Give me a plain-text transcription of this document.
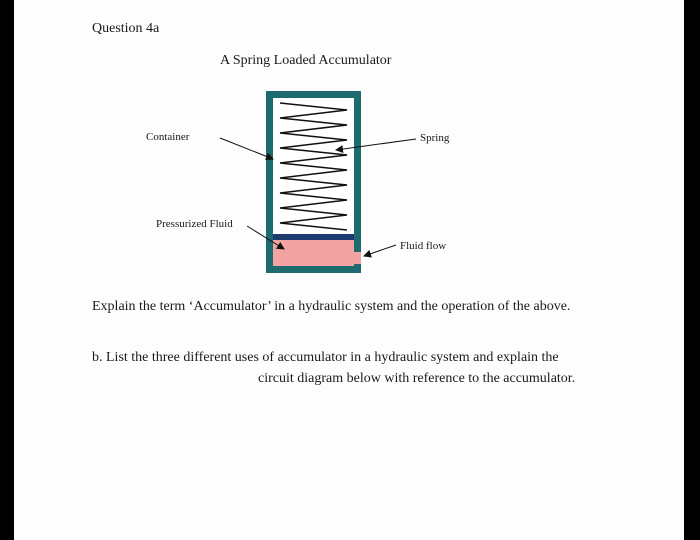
Question 4a
A Spring Loaded Accumulator
Container	Spring
Pressurized Fluid
Fluid flow
Explain the term ‘Accumulator’ in a hydraulic system and the operation of the above.
b. List the three different uses of accumulator in a hydraulic system and explain the
circuit diagram below with reference to the accumulator.
